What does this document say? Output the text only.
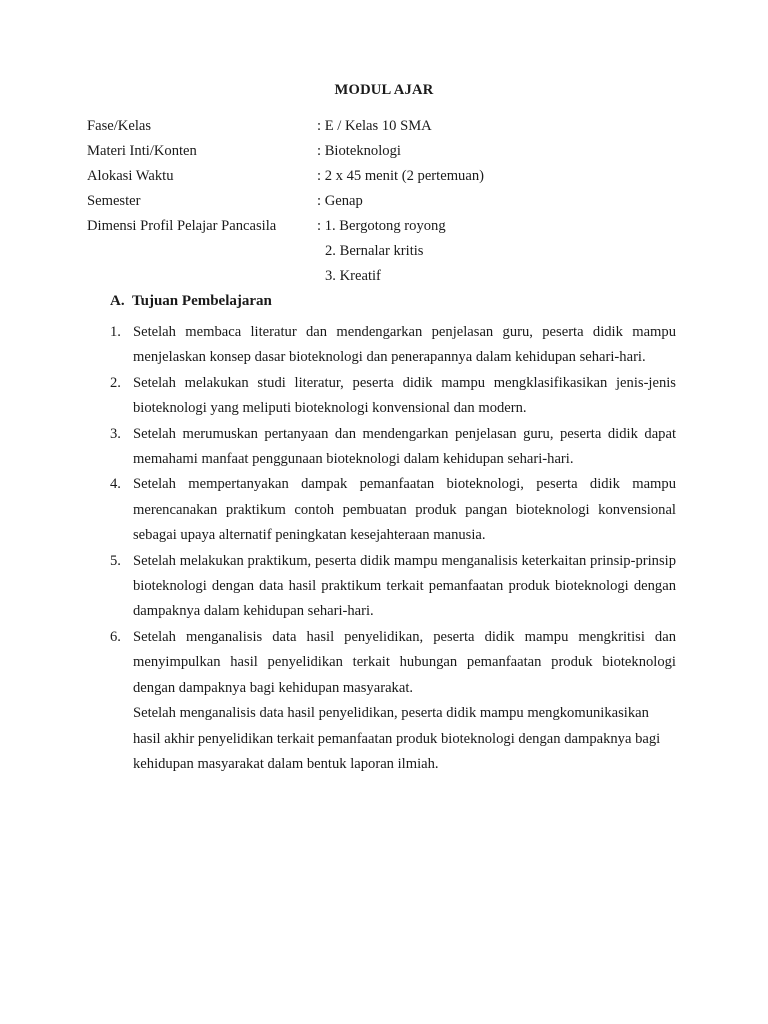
MODUL AJAR
Fase/Kelas	: E / Kelas 10 SMA
Materi Inti/Konten	: Bioteknologi
Alokasi Waktu	: 2 x 45 menit (2 pertemuan)
Semester	: Genap
Dimensi Profil Pelajar Pancasila	: 1. Bergotong royong
2. Bernalar kritis
3. Kreatif
A. Tujuan Pembelajaran
1. Setelah membaca literatur dan mendengarkan penjelasan guru, peserta didik mampu menjelaskan konsep dasar bioteknologi dan penerapannya dalam kehidupan sehari-hari.
2. Setelah melakukan studi literatur, peserta didik mampu mengklasifikasikan jenis-jenis bioteknologi yang meliputi bioteknologi konvensional dan modern.
3. Setelah merumuskan pertanyaan dan mendengarkan penjelasan guru, peserta didik dapat memahami manfaat penggunaan bioteknologi dalam kehidupan sehari-hari.
4. Setelah mempertanyakan dampak pemanfaatan bioteknologi, peserta didik mampu merencanakan praktikum contoh pembuatan produk pangan bioteknologi konvensional sebagai upaya alternatif peningkatan kesejahteraan manusia.
5. Setelah melakukan praktikum, peserta didik mampu menganalisis keterkaitan prinsip-prinsip bioteknologi dengan data hasil praktikum terkait pemanfaatan produk bioteknologi dengan dampaknya dalam kehidupan sehari-hari.
6. Setelah menganalisis data hasil penyelidikan, peserta didik mampu mengkritisi dan menyimpulkan hasil penyelidikan terkait hubungan pemanfaatan produk bioteknologi dengan dampaknya bagi kehidupan masyarakat.
Setelah menganalisis data hasil penyelidikan, peserta didik mampu mengkomunikasikan hasil akhir penyelidikan terkait pemanfaatan produk bioteknologi dengan dampaknya bagi kehidupan masyarakat dalam bentuk laporan ilmiah.
